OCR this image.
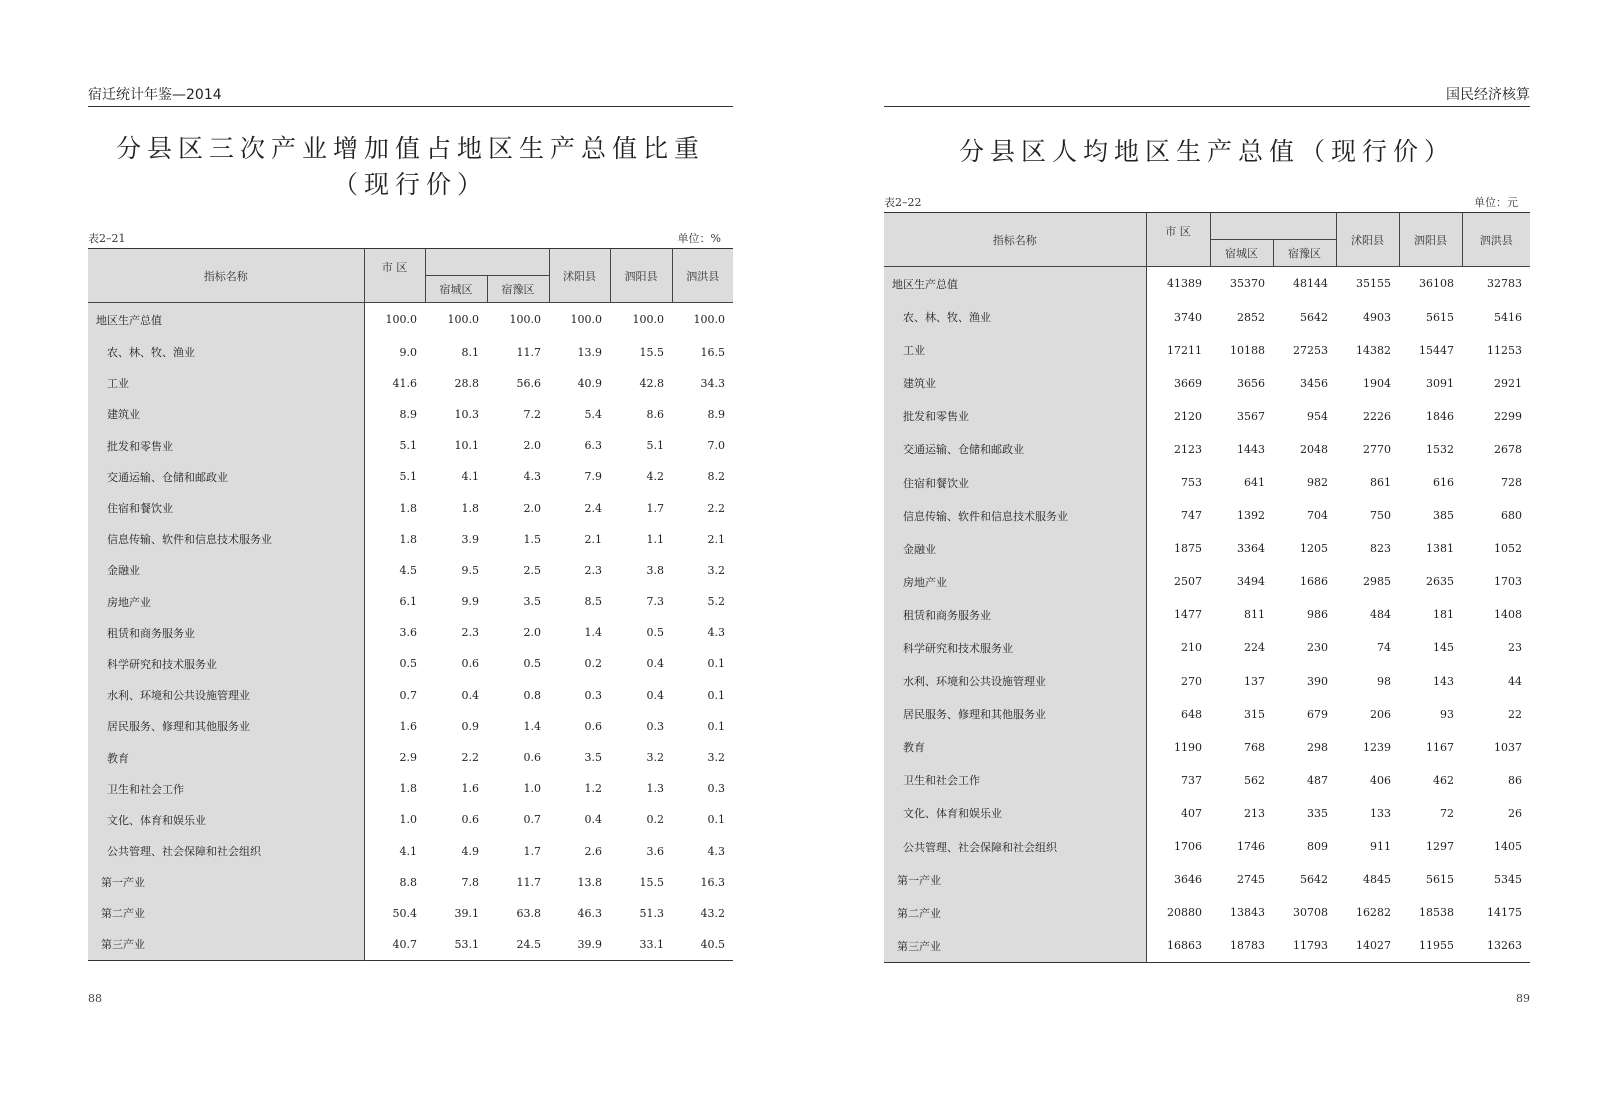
宿迁统计年鉴—2014
分县区三次产业增加值占地区生产总值比重
（现行价）
表2–21	单位：%
指标名称	市 区			沭阳县	泗阳县	泗洪县
		宿城区	宿豫区			
地区生产总值	100.0	100.0	100.0	100.0	100.0	100.0
农、林、牧、渔业	9.0	8.1	11.7	13.9	15.5	16.5
工业	41.6	28.8	56.6	40.9	42.8	34.3
建筑业	8.9	10.3	7.2	5.4	8.6	8.9
批发和零售业	5.1	10.1	2.0	6.3	5.1	7.0
交通运输、仓储和邮政业	5.1	4.1	4.3	7.9	4.2	8.2
住宿和餐饮业	1.8	1.8	2.0	2.4	1.7	2.2
信息传输、软件和信息技术服务业	1.8	3.9	1.5	2.1	1.1	2.1
金融业	4.5	9.5	2.5	2.3	3.8	3.2
房地产业	6.1	9.9	3.5	8.5	7.3	5.2
租赁和商务服务业	3.6	2.3	2.0	1.4	0.5	4.3
科学研究和技术服务业	0.5	0.6	0.5	0.2	0.4	0.1
水利、环境和公共设施管理业	0.7	0.4	0.8	0.3	0.4	0.1
居民服务、修理和其他服务业	1.6	0.9	1.4	0.6	0.3	0.1
教育	2.9	2.2	0.6	3.5	3.2	3.2
卫生和社会工作	1.8	1.6	1.0	1.2	1.3	0.3
文化、体育和娱乐业	1.0	0.6	0.7	0.4	0.2	0.1
公共管理、社会保障和社会组织	4.1	4.9	1.7	2.6	3.6	4.3
第一产业	8.8	7.8	11.7	13.8	15.5	16.3
第二产业	50.4	39.1	63.8	46.3	51.3	43.2
第三产业	40.7	53.1	24.5	39.9	33.1	40.5
88
国民经济核算
分县区人均地区生产总值（现行价）
表2–22	单位：元
指标名称	市 区			沭阳县	泗阳县	泗洪县
		宿城区	宿豫区			
地区生产总值	41389	35370	48144	35155	36108	32783
农、林、牧、渔业	3740	2852	5642	4903	5615	5416
工业	17211	10188	27253	14382	15447	11253
建筑业	3669	3656	3456	1904	3091	2921
批发和零售业	2120	3567	954	2226	1846	2299
交通运输、仓储和邮政业	2123	1443	2048	2770	1532	2678
住宿和餐饮业	753	641	982	861	616	728
信息传输、软件和信息技术服务业	747	1392	704	750	385	680
金融业	1875	3364	1205	823	1381	1052
房地产业	2507	3494	1686	2985	2635	1703
租赁和商务服务业	1477	811	986	484	181	1408
科学研究和技术服务业	210	224	230	74	145	23
水利、环境和公共设施管理业	270	137	390	98	143	44
居民服务、修理和其他服务业	648	315	679	206	93	22
教育	1190	768	298	1239	1167	1037
卫生和社会工作	737	562	487	406	462	86
文化、体育和娱乐业	407	213	335	133	72	26
公共管理、社会保障和社会组织	1706	1746	809	911	1297	1405
第一产业	3646	2745	5642	4845	5615	5345
第二产业	20880	13843	30708	16282	18538	14175
第三产业	16863	18783	11793	14027	11955	13263
89
